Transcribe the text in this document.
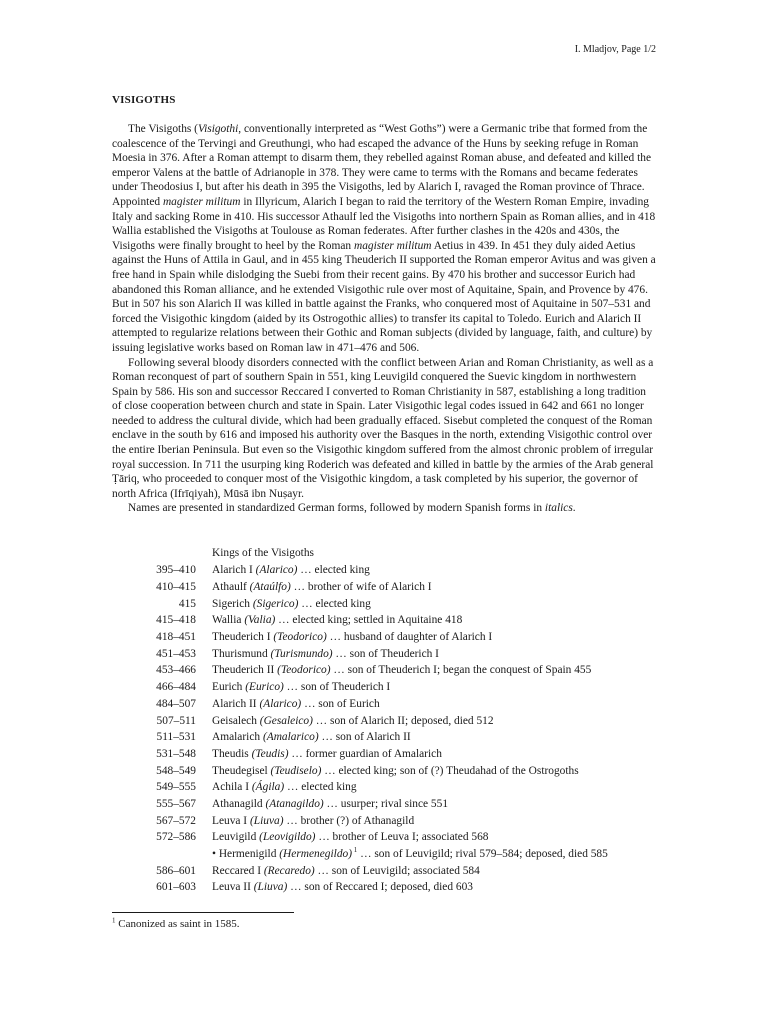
I. Mladjov, Page 1/2
VISIGOTHS

The Visigoths (Visigothi, conventionally interpreted as “West Goths”) were a Germanic tribe that formed from the coalescence of the Tervingi and Greuthungi, who had escaped the advance of the Huns by seeking refuge in Roman Moesia in 376. After a Roman attempt to disarm them, they rebelled against Roman abuse, and defeated and killed the emperor Valens at the battle of Adrianople in 378. They were came to terms with the Romans and became federates under Theodosius I, but after his death in 395 the Visigoths, led by Alarich I, ravaged the Roman province of Thrace. Appointed magister militum in Illyricum, Alarich I began to raid the territory of the Western Roman Empire, invading Italy and sacking Rome in 410. His successor Athaulf led the Visigoths into northern Spain as Roman allies, and in 418 Wallia established the Visigoths at Toulouse as Roman federates. After further clashes in the 420s and 430s, the Visigoths were finally brought to heel by the Roman magister militum Aetius in 439. In 451 they duly aided Aetius against the Huns of Attila in Gaul, and in 455 king Theuderich II supported the Roman emperor Avitus and was given a free hand in Spain while dislodging the Suebi from their recent gains. By 470 his brother and successor Eurich had abandoned this Roman alliance, and he extended Visigothic rule over most of Aquitaine, Spain, and Provence by 476. But in 507 his son Alarich II was killed in battle against the Franks, who conquered most of Aquitaine in 507–531 and forced the Visigothic kingdom (aided by its Ostrogothic allies) to transfer its capital to Toledo. Eurich and Alarich II attempted to regularize relations between their Gothic and Roman subjects (divided by language, faith, and culture) by issuing legislative works based on Roman law in 471–476 and 506.

Following several bloody disorders connected with the conflict between Arian and Roman Christianity, as well as a Roman reconquest of part of southern Spain in 551, king Leuvigild conquered the Suevic kingdom in northwestern Spain by 586. His son and successor Reccared I converted to Roman Christianity in 587, establishing a long tradition of close cooperation between church and state in Spain. Later Visigothic legal codes issued in 642 and 661 no longer needed to address the cultural divide, which had been gradually effaced. Sisebut completed the conquest of the Roman enclave in the south by 616 and imposed his authority over the Basques in the north, extending Visigothic control over the entire Iberian Peninsula. But even so the Visigothic kingdom suffered from the almost chronic problem of irregular royal succession. In 711 the usurping king Roderich was defeated and killed in battle by the armies of the Arab general Ṭāriq, who proceeded to conquer most of the Visigothic kingdom, a task completed by his superior, the governor of north Africa (Ifrīqiyah), Mūsā ibn Nuṣayr.

Names are presented in standardized German forms, followed by modern Spanish forms in italics.

Kings of the Visigoths
395–410 Alarich I (Alarico) … elected king
410–415 Athaulf (Ataúlfo) … brother of wife of Alarich I
415 Sigerich (Sigerico) … elected king
415–418 Wallia (Valia) … elected king; settled in Aquitaine 418
418–451 Theuderich I (Teodorico) … husband of daughter of Alarich I
451–453 Thurismund (Turismundo) … son of Theuderich I
453–466 Theuderich II (Teodorico) … son of Theuderich I; began the conquest of Spain 455
466–484 Eurich (Eurico) … son of Theuderich I
484–507 Alarich II (Alarico) … son of Eurich
507–511 Geisalech (Gesaleico) … son of Alarich II; deposed, died 512
511–531 Amalarich (Amalarico) … son of Alarich II
531–548 Theudis (Teudis) … former guardian of Amalarich
548–549 Theudegisel (Teudiselo) … elected king; son of (?) Theudahad of the Ostrogoths
549–555 Achila I (Ágila) … elected king
555–567 Athanagild (Atanagildo) … usurper; rival since 551
567–572 Leuva I (Liuva) … brother (?) of Athanagild
572–586 Leuvigild (Leovigildo) … brother of Leuva I; associated 568
• Hermenigild (Hermenegildo) $^1$ … son of Leuvigild; rival 579–584; deposed, died 585
586–601 Reccared I (Recaredo) … son of Leuvigild; associated 584
601–603 Leuva II (Liuva) … son of Reccared I; deposed, died 603
$^1$ Canonized as saint in 1585.
